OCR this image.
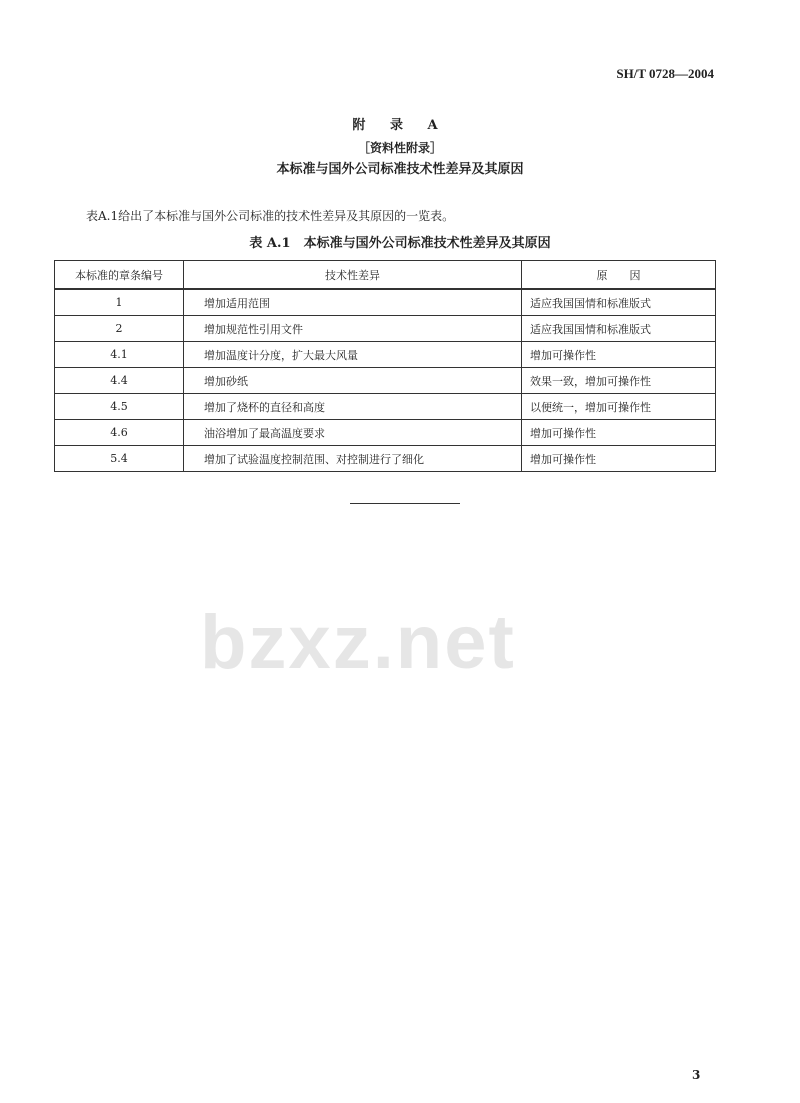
SH/T 0728—2004
bzxz.net
附 录 A
［资料性附录］
本标准与国外公司标准技术性差异及其原因
表A.1给出了本标准与国外公司标准的技术性差异及其原因的一览表。
表 A.1　本标准与国外公司标准技术性差异及其原因
本标准的章条编号	技术性差异	原　　因
1	增加适用范围	适应我国国情和标准版式
2	增加规范性引用文件	适应我国国情和标准版式
4.1	增加温度计分度，扩大最大风量	增加可操作性
4.4	增加砂纸	效果一致，增加可操作性
4.5	增加了烧杯的直径和高度	以便统一，增加可操作性
4.6	油浴增加了最高温度要求	增加可操作性
5.4	增加了试验温度控制范围、对控制进行了细化	增加可操作性
3
